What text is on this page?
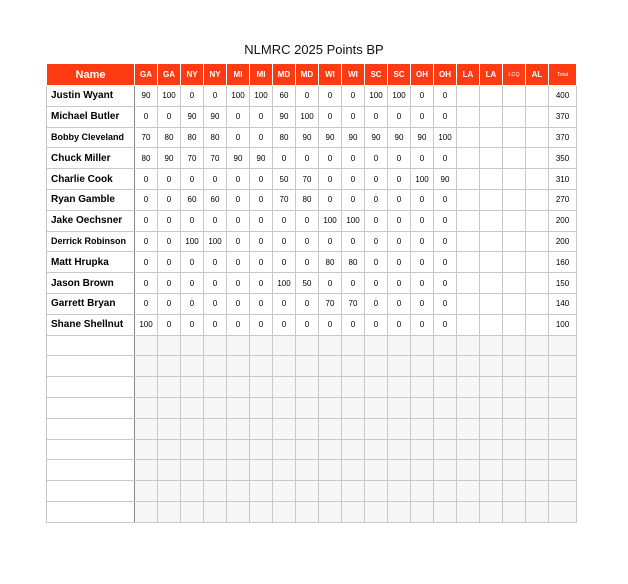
NLMRC 2025 Points BP
Name	GA	GA	NY	NY	MI	MI	MD	MD	WI	WI	SC	SC	OH	OH	LA	LA	LCQ	AL	Total
Justin Wyant	90	100	0	0	100	100	60	0	0	0	100	100	0	0					400
Michael Butler	0	0	90	90	0	0	90	100	0	0	0	0	0	0					370
Bobby Cleveland	70	80	80	80	0	0	80	90	90	90	90	90	90	100					370
Chuck Miller	80	90	70	70	90	90	0	0	0	0	0	0	0	0					350
Charlie Cook	0	0	0	0	0	0	50	70	0	0	0	0	100	90					310
Ryan Gamble	0	0	60	60	0	0	70	80	0	0	0	0	0	0					270
Jake Oechsner	0	0	0	0	0	0	0	0	100	100	0	0	0	0					200
Derrick Robinson	0	0	100	100	0	0	0	0	0	0	0	0	0	0					200
Matt Hrupka	0	0	0	0	0	0	0	0	80	80	0	0	0	0					160
Jason Brown	0	0	0	0	0	0	100	50	0	0	0	0	0	0					150
Garrett Bryan	0	0	0	0	0	0	0	0	70	70	0	0	0	0					140
Shane Shellnut	100	0	0	0	0	0	0	0	0	0	0	0	0	0					100
